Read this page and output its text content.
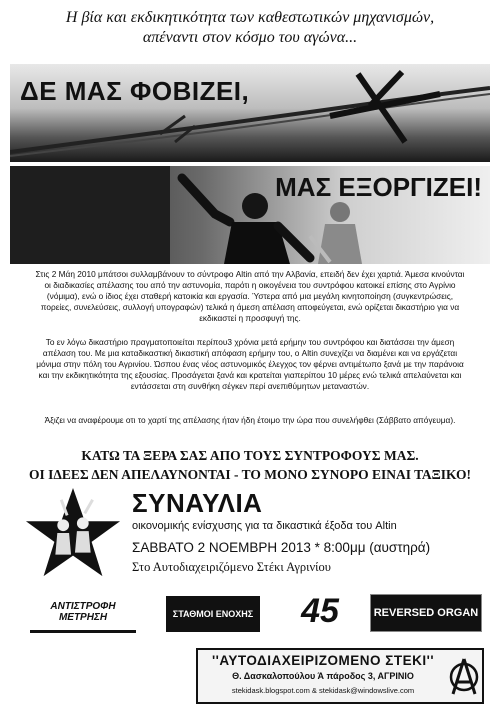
Η βία και εκδικητικότητα των καθεστωτικών μηχανισμών,
απέναντι στον κόσμο του αγώνα...
ΔΕ ΜΑΣ ΦΟΒΙΖΕΙ,
ΜΑΣ ΕΞΟΡΓΙΖΕΙ!
Στις 2 Μάη 2010 μπάτσοι συλλαμβάνουν το σύντροφο Altin από την Αλβανία, επειδή δεν έχει χαρτιά. Άμεσα κινούνται οι διαδικασίες απέλασης του από την αστυνομία, παρότι η οικογένεια του συντρόφου κατοικεί επίσης στο Αγρίνιο (νόμιμα), ενώ ο ίδιος έχει σταθερή κατοικία και εργασία. Ύστερα από μια μεγάλη κινητοποίηση (συγκεντρώσεις, πορείες, συνελεύσεις, συλλογή υπογραφών) τελικά η άμεση απέλαση αποφεύγεται, ενώ ορίζεται δικαστήριο για να εκδικαστεί η προσφυγή της.
Το εν λόγω δικαστήριο πραγματοποιείται περίπου3 χρόνια μετά ερήμην του συντρόφου και διατάσσει την άμεση απέλαση του. Με μια καταδικαστική δικαστική απόφαση ερήμην του, ο Altin συνεχίζει να διαμένει και να εργάζεται μόνιμα στην πόλη του Αγρινίου. Ώσπου ένας νέος αστυνομικός έλεγχος τον φέρνει αντιμέτωπο ξανά με την παράνοια και την εκδικητικότητα της εξουσίας. Προσάγεται ξανά και κρατείται γιαπερίπου 10 μέρες ενώ τελικά απελαύνεται και εντάσσεται στη συνθήκη σέγκεν περί ανεπιθύμητων μεταναστών.
Άξιζει να αναφέρουμε οτι το χαρτί της απέλασης ήταν ήδη έτοιμο την ώρα που συνελήφθει (Σάββατο απόγευμα).
ΚΑΤΩ ΤΑ ΞΕΡΑ ΣΑΣ ΑΠΟ ΤΟΥΣ ΣΥΝΤΡΟΦΟΥΣ ΜΑΣ.
ΟΙ ΙΔΕΕΣ ΔΕΝ ΑΠΕΛΑΥΝΟΝΤΑΙ - ΤΟ ΜΟΝΟ ΣΥΝΟΡΟ ΕΙΝΑΙ ΤΑΞΙΚΟ!
ΣΥΝΑΥΛΙΑ
οικονομικής ενίσχυσης για τα δικαστικά έξοδα του Altin
ΣΑΒΒΑΤΟ 2 ΝΟΕΜΒΡΗ 2013 * 8:00μμ (αυστηρά)
Στο Αυτοδιαχειριζόμενο Στέκι Αγρινίου
ΑΝΤΙΣΤΡΟΦΗ ΜΕΤΡΗΣΗ	ΣΤΑΘΜΟΙ ΕΝΟΧΗΣ	45	REVERSED ORGAN
''ΑΥΤΟΔΙΑΧΕΙΡΙΖΟΜΕΝΟ ΣΤΕΚΙ''
Θ. Δασκαλοπούλου Ά πάροδος 3, ΑΓΡΙΝΙΟ
stekidask.blogspot.com & stekidask@windowslive.com
